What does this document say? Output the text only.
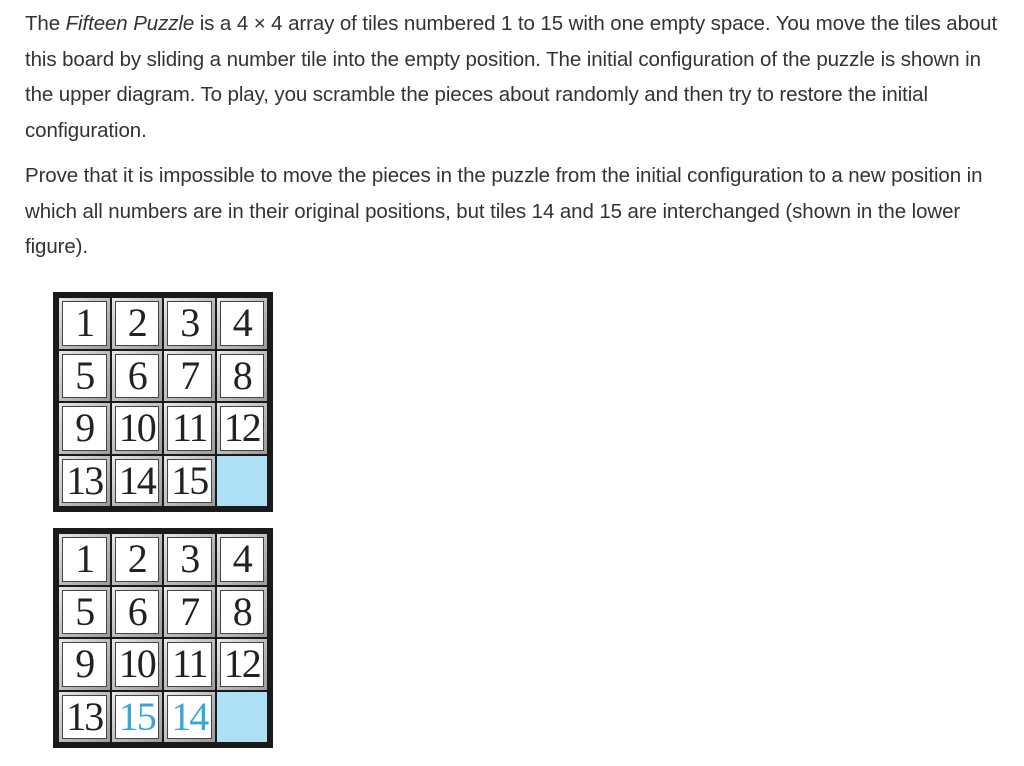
The Fifteen Puzzle is a 4 × 4 array of tiles numbered 1 to 15 with one empty space. You move the tiles about this board by sliding a number tile into the empty position. The initial configuration of the puzzle is shown in the upper diagram. To play, you scramble the pieces about randomly and then try to restore the initial configuration.

Prove that it is impossible to move the pieces in the puzzle from the initial configuration to a new position in which all numbers are in their original positions, but tiles 14 and 15 are interchanged (shown in the lower figure).

1 2 3 4
5 6 7 8
9 10 11 12
13 14 15
1 2 3 4
5 6 7 8
9 10 11 12
13 15 14
